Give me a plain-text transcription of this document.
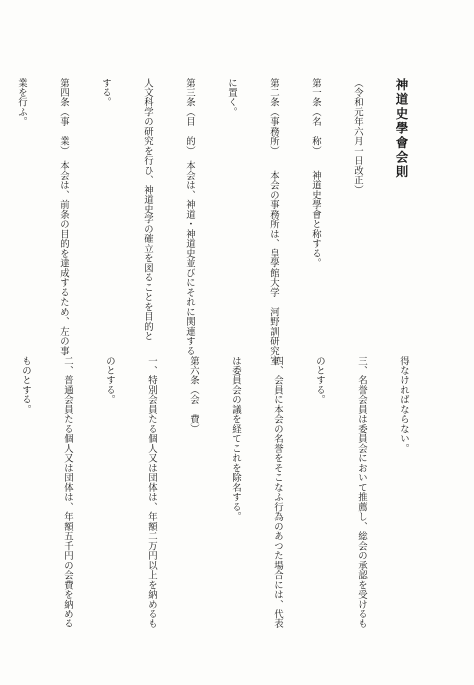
神道史學會会則

（令和元年六月一日改正）

第一条（名　称）　　神道史學會と称する。

第二条（事務所）　　本会の事務所は、皇學館大学　河野訓研究室

に置く。

第三条（目　的）　本会は、神道・神道史並びにそれに関連する

人文科学の研究を行ひ、神道史学の確立を図ることを目的と

する。

第四条（事　業）　本会は、前条の目的を達成するため、左の事

業を行ふ。

得なければならない。

三、名誉会員は委員会において推薦し、総会の承認を受けるも

のとする。

四、会員に本会の名誉をそこなふ行為のあつた場合には、代表

は委員会の議を経てこれを除名する。

第六条（会　費）

一、特別会員たる個人又は団体は、年額二万円以上を納めるも

のとする。

二、普通会員たる個人又は団体は、年額五千円の会費を納める

ものとする。
